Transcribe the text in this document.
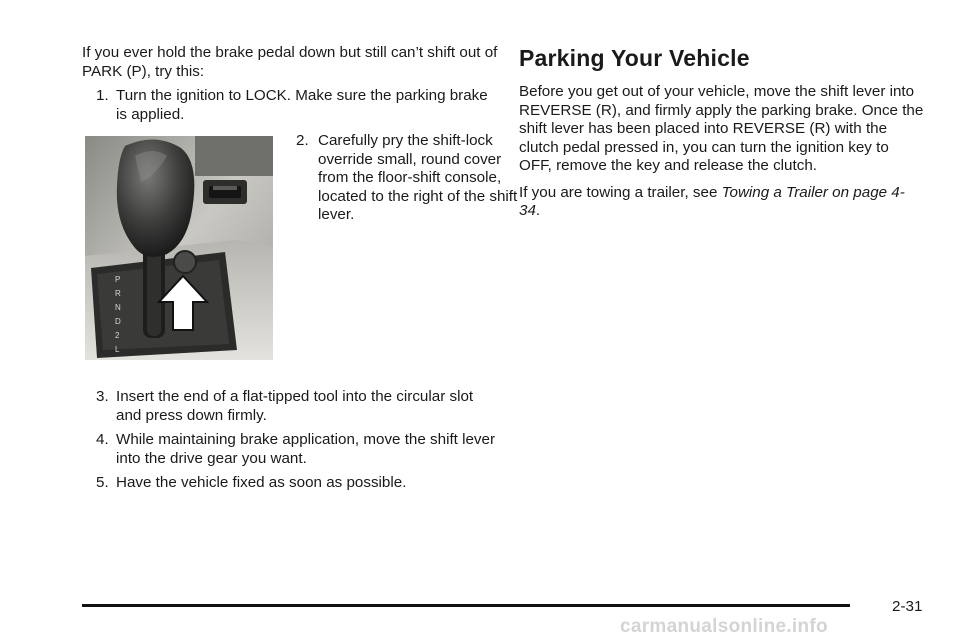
If you ever hold the brake pedal down but still can’t shift out of PARK (P), try this:

1. Turn the ignition to LOCK. Make sure the parking brake is applied.

P
R
N
D
2
L

2. Carefully pry the shift-lock override small, round cover from the floor-shift console, located to the right of the shift lever.

3. Insert the end of a flat-tipped tool into the circular slot and press down firmly.

4. While maintaining brake application, move the shift lever into the drive gear you want.

5. Have the vehicle fixed as soon as possible.

Parking Your Vehicle

Before you get out of your vehicle, move the shift lever into REVERSE (R), and firmly apply the parking brake. Once the shift lever has been placed into REVERSE (R) with the clutch pedal pressed in, you can turn the ignition key to OFF, remove the key and release the clutch.

If you are towing a trailer, see Towing a Trailer on page 4-34.

2-31
carmanualsonline.info
